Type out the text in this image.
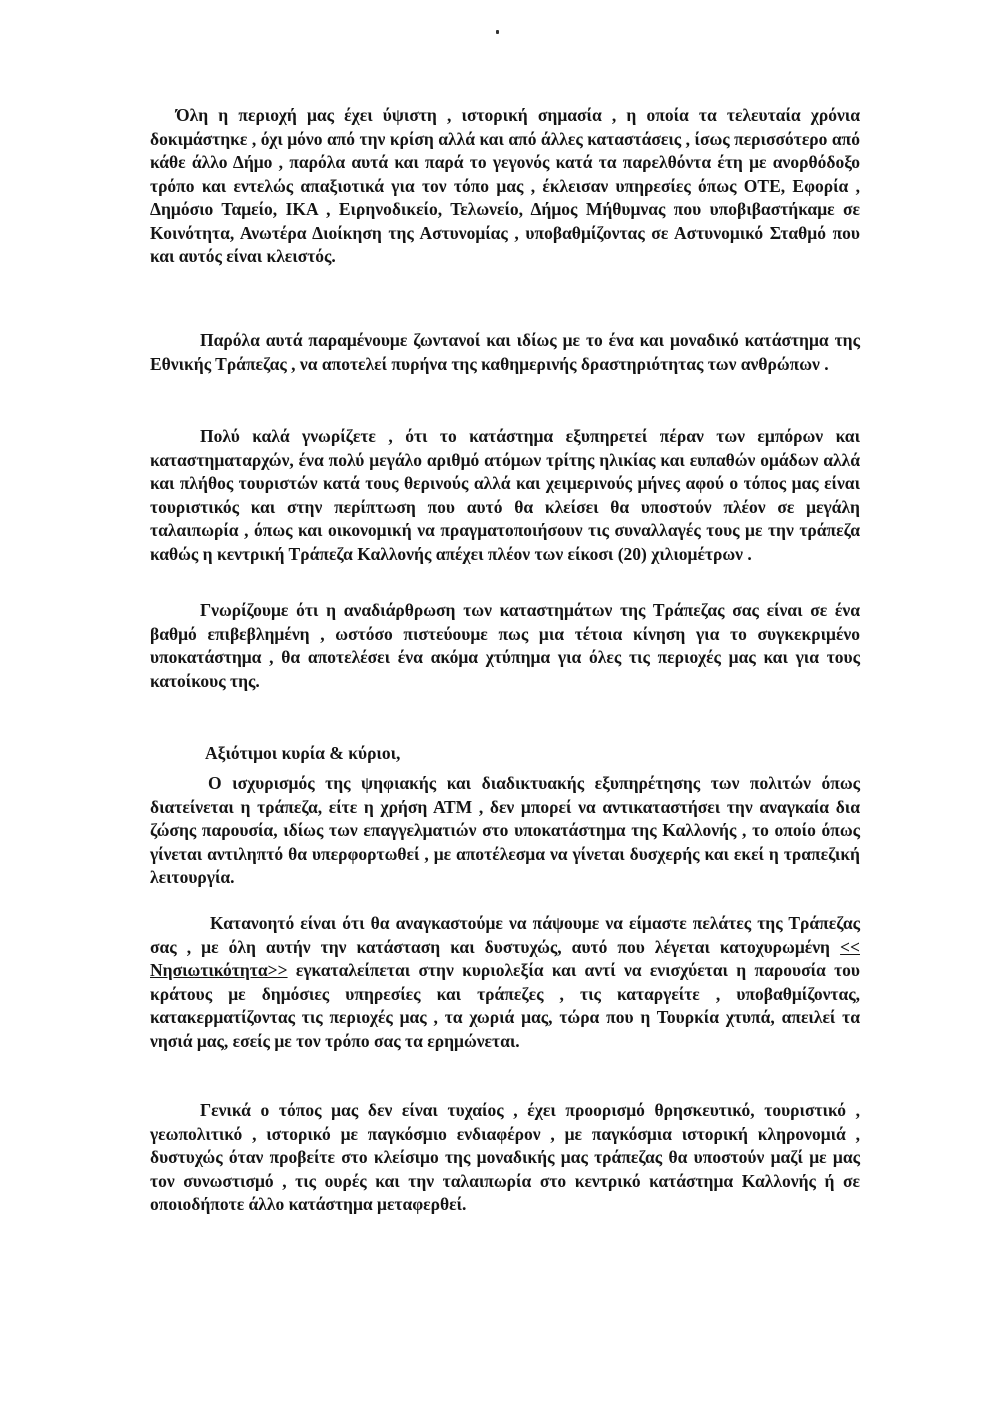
Όλη η περιοχή μας έχει ύψιστη , ιστορική σημασία , η οποία τα τελευταία χρόνια δοκιμάστηκε , όχι μόνο από την κρίση αλλά και από άλλες καταστάσεις , ίσως περισσότερο από κάθε άλλο Δήμο , παρόλα αυτά και παρά το γεγονός κατά τα παρελθόντα έτη με ανορθόδοξο τρόπο και εντελώς απαξιοτικά για τον τόπο μας , έκλεισαν υπηρεσίες όπως ΟΤΕ, Εφορία , Δημόσιο Ταμείο, ΙΚΑ , Ειρηνοδικείο, Τελωνείο, Δήμος Μήθυμνας που υποβιβαστήκαμε σε Κοινότητα, Ανωτέρα Διοίκηση της Αστυνομίας , υποβαθμίζοντας σε Αστυνομικό Σταθμό που και αυτός είναι κλειστός.

Παρόλα αυτά παραμένουμε ζωντανοί και ιδίως με το ένα και μοναδικό κατάστημα της Εθνικής Τράπεζας , να αποτελεί πυρήνα της καθημερινής δραστηριότητας των ανθρώπων .

Πολύ καλά γνωρίζετε , ότι το κατάστημα εξυπηρετεί πέραν των εμπόρων και καταστηματαρχών, ένα πολύ μεγάλο αριθμό ατόμων τρίτης ηλικίας και ευπαθών ομάδων αλλά και πλήθος τουριστών κατά τους θερινούς αλλά και χειμερινούς μήνες αφού ο τόπος μας είναι τουριστικός και στην περίπτωση που αυτό θα κλείσει θα υποστούν πλέον σε μεγάλη ταλαιπωρία , όπως και οικονομική να πραγματοποιήσουν τις συναλλαγές τους με την τράπεζα καθώς η κεντρική Τράπεζα Καλλονής απέχει πλέον των είκοσι (20) χιλιομέτρων .

Γνωρίζουμε ότι η αναδιάρθρωση των καταστημάτων της Τράπεζας σας είναι σε ένα βαθμό επιβεβλημένη , ωστόσο πιστεύουμε πως μια τέτοια κίνηση για το συγκεκριμένο υποκατάστημα , θα αποτελέσει ένα ακόμα χτύπημα για όλες τις περιοχές μας και για τους κατοίκους της.

Αξιότιμοι κυρία & κύριοι,

Ο ισχυρισμός της ψηφιακής και διαδικτυακής εξυπηρέτησης των πολιτών όπως διατείνεται η τράπεζα, είτε η χρήση ΑΤΜ , δεν μπορεί να αντικαταστήσει την αναγκαία δια ζώσης παρουσία, ιδίως των επαγγελματιών στο υποκατάστημα της Καλλονής , το οποίο όπως γίνεται αντιληπτό θα υπερφορτωθεί , με αποτέλεσμα να γίνεται δυσχερής και εκεί η τραπεζική λειτουργία.

Κατανοητό είναι ότι θα αναγκαστούμε να πάψουμε να είμαστε πελάτες της Τράπεζας σας , με όλη αυτήν την κατάσταση και δυστυχώς, αυτό που λέγεται κατοχυρωμένη << Νησιωτικότητα>> εγκαταλείπεται στην κυριολεξία και αντί να ενισχύεται η παρουσία του κράτους με δημόσιες υπηρεσίες και τράπεζες , τις καταργείτε , υποβαθμίζοντας, κατακερματίζοντας τις περιοχές μας , τα χωριά μας, τώρα που η Τουρκία χτυπά, απειλεί τα νησιά μας, εσείς με τον τρόπο σας τα ερημώνεται.

Γενικά ο τόπος μας δεν είναι τυχαίος , έχει προορισμό θρησκευτικό, τουριστικό , γεωπολιτικό , ιστορικό με παγκόσμιο ενδιαφέρον , με παγκόσμια ιστορική κληρονομιά , δυστυχώς όταν προβείτε στο κλείσιμο της μοναδικής μας τράπεζας θα υποστούν μαζί με μας τον συνωστισμό , τις ουρές και την ταλαιπωρία στο κεντρικό κατάστημα Καλλονής ή σε οποιοδήποτε άλλο κατάστημα μεταφερθεί.
